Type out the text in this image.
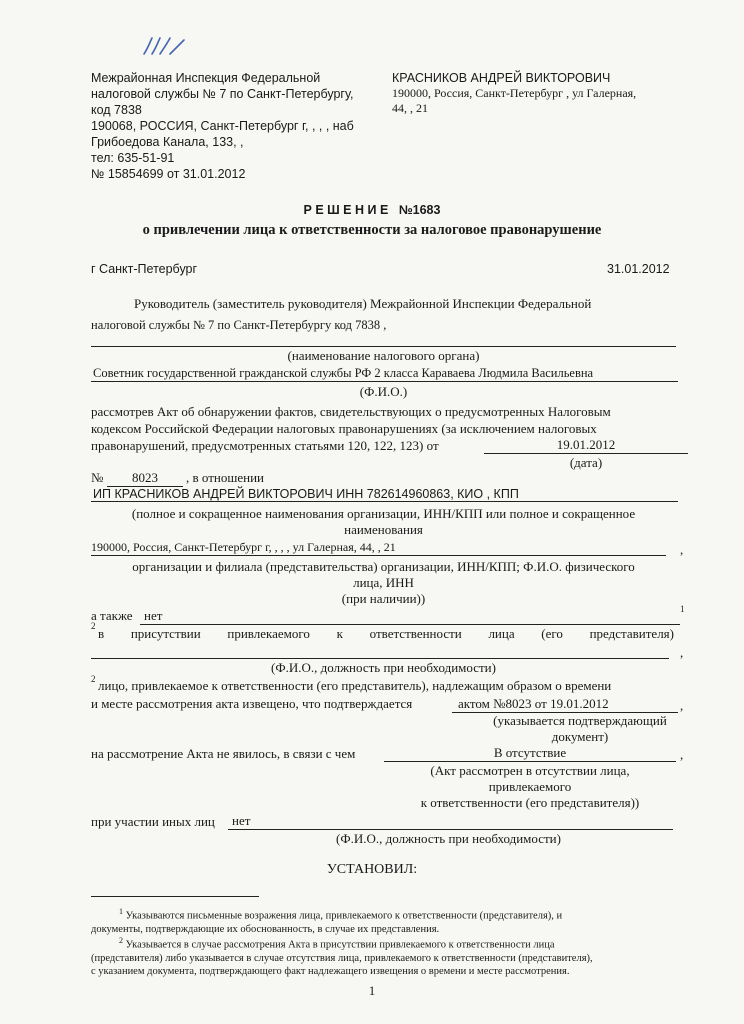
Межрайонная Инспекция Федеральной
налоговой службы № 7 по Санкт-Петербургу,
код 7838
190068, РОССИЯ, Санкт-Петербург г, , , , наб
Грибоедова Канала, 133, ,
тел: 635-51-91
№ 15854699 от 31.01.2012
КРАСНИКОВ АНДРЕЙ ВИКТОРОВИЧ
190000, Россия, Санкт-Петербург , ул Галерная,
44, , 21
Р Е Ш Е Н И Е   №1683
о привлечении лица к ответственности за налоговое правонарушение
г Санкт-Петербург	31.01.2012
Руководитель (заместитель руководителя) Межрайонной Инспекции Федеральной
налоговой службы № 7 по Санкт-Петербургу код 7838 ,
(наименование налогового органа)
Советник государственной гражданской службы РФ 2 класса Караваева Людмила Васильевна
(Ф.И.О.)
рассмотрев Акт об обнаружении фактов, свидетельствующих о предусмотренных Налоговым
кодексом Российской Федерации налоговых правонарушениях (за исключением налоговых
правонарушений, предусмотренных статьями 120, 122, 123) от	19.01.2012
(дата)
№	8023	, в отношении
ИП КРАСНИКОВ АНДРЕЙ ВИКТОРОВИЧ ИНН 782614960863, КИО , КПП
(полное и сокращенное наименования организации, ИНН/КПП или полное и сокращенное
наименования
190000, Россия, Санкт-Петербург г, , , , ул Галерная, 44, , 21	,
организации и филиала (представительства) организации, ИНН/КПП; Ф.И.О. физического
лица, ИНН
(при наличии))
а также нет	1
2 в присутствии привлекаемого к ответственности лица (его представителя)
,
(Ф.И.О., должность при необходимости)
2 лицо, привлекаемое к ответственности (его представитель), надлежащим образом о времени
и месте рассмотрения акта извещено, что подтверждается	актом №8023 от 19.01.2012	,
(указывается подтверждающий
документ)
на рассмотрение Акта не явилось, в связи с чем	В отсутствие	,
(Акт рассмотрен в отсутствии лица,
привлекаемого
к ответственности (его представителя))
при участии иных лиц	нет
(Ф.И.О., должность при необходимости)
УСТАНОВИЛ:
$^1$ Указываются письменные возражения лица, привлекаемого к ответственности (представителя), и
документы, подтверждающие их обоснованность, в случае их представления.
$^2$ Указывается в случае рассмотрения Акта в присутствии привлекаемого к ответственности лица
(представителя) либо указывается в случае отсутствия лица, привлекаемого к ответственности (представителя),
с указанием документа, подтверждающего факт надлежащего извещения о времени и месте рассмотрения.
1
